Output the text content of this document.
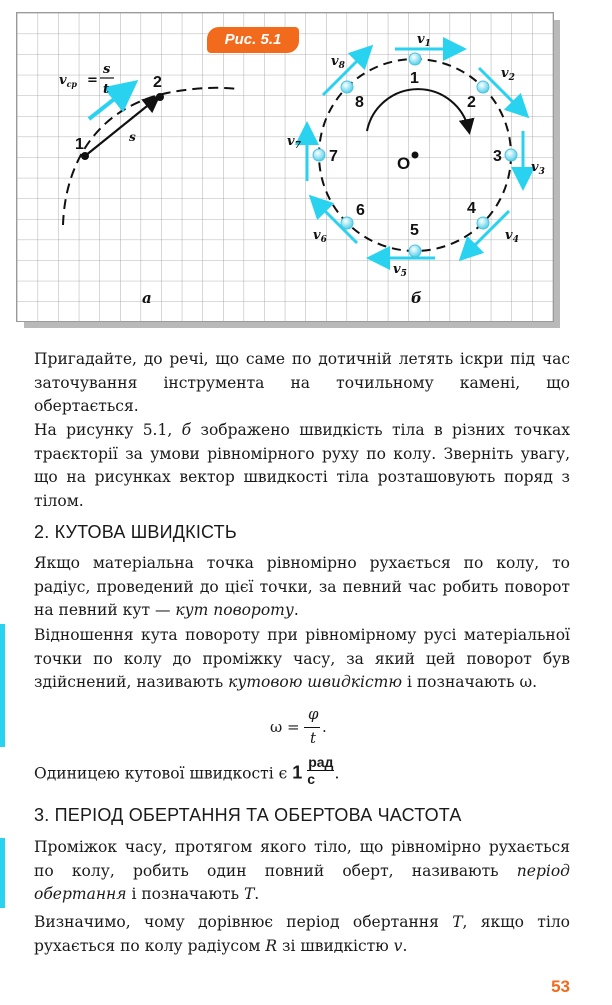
1
2
s
1
2
3
4
5
6
7
8
O
$v_1$
$v_2$
$v_3$
$v_4$
$v_5$
$v_6$
$v_7$
$v_8$
$v_{ср}$ =
s
t
а	б
Рис. 5.1

Пригадайте, до речі, що саме по дотичній летять іскри під час заточування інструмента на точильному камені, що обертається.

На рисунку 5.1, б зображено швидкість тіла в різних точках траєкторії за умови рівномірного руху по колу. Зверніть увагу, що на рисунках вектор швидкості тіла розташовують поряд з тілом.

2. КУТОВА ШВИДКІСТЬ

Якщо матеріальна точка рівномірно рухається по колу, то радіус, проведений до цієї точки, за певний час робить поворот на певний кут — кут повороту.

Відношення кута повороту при рівномірному русі матеріальної точки по колу до проміжку часу, за який цей поворот був здійснений, називають кутовою швидкістю і позначають ω.

ω =
φ
t
.
Одиницею кутової швидкості є 1
рад
с	.
3. ПЕРІОД ОБЕРТАННЯ ТА ОБЕРТОВА ЧАСТОТА

Проміжок часу, протягом якого тіло, що рівномірно рухається по колу, робить один повний оберт, називають період обертання і позначають T.

Визначимо, чому дорівнює період обертання T, якщо тіло рухається по колу радіусом R зі швидкістю v.

53
